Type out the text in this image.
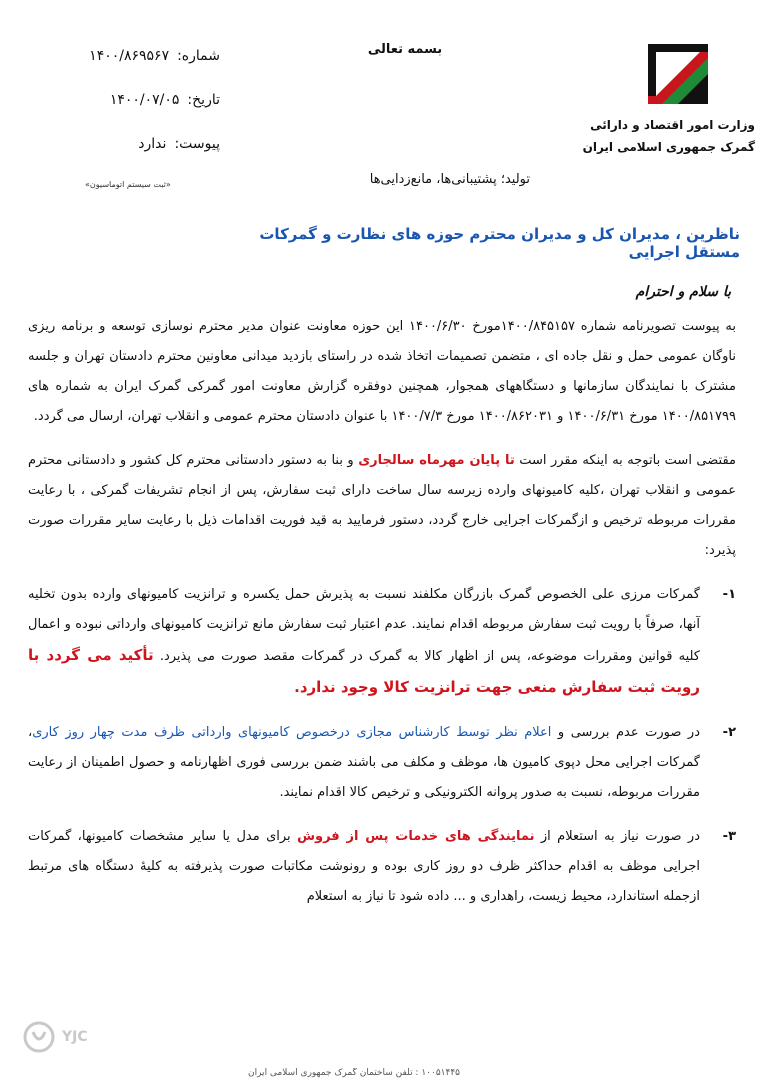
وزارت امور اقتصاد و دارائی
گمرک جمهوری اسلامی ایران
بسمه تعالی
شماره:
۱۴۰۰/۸۶۹۵۶۷
تاریخ:
۱۴۰۰/۰۷/۰۵
پیوست:
ندارد
«ثبت سیستم اتوماسیون»	تولید؛ پشتیبانی‌ها، مانع‌زدایی‌ها
ناظرین ، مدیران کل و مدیران محترم حوزه های نظارت و گمرکات مستقل اجرایی
با سلام و احترام

به پیوست تصویرنامه شماره ۱۴۰۰/۸۴۵۱۵۷مورخ ۱۴۰۰/۶/۳۰ این حوزه معاونت عنوان مدیر محترم نوسازی توسعه و برنامه ریزی ناوگان عمومی حمل و نقل جاده ای ، متضمن تصمیمات اتخاذ شده در راستای بازدید میدانی معاونین محترم دادستان تهران و جلسه مشترک با نمایندگان سازمانها و دستگاههای همجوار، همچنین دوفقره گزارش معاونت امور گمرکی گمرک ایران به شماره های ۱۴۰۰/۸۵۱۷۹۹ مورخ ۱۴۰۰/۶/۳۱ و ۱۴۰۰/۸۶۲۰۳۱ مورخ ۱۴۰۰/۷/۳ با عنوان دادستان محترم عمومی و انقلاب تهران، ارسال می گردد.

مقتضی است باتوجه به اینکه مقرر است تا پایان مهرماه سالجاری و بنا به دستور دادستانی محترم کل کشور و دادستانی محترم عمومی و انقلاب تهران ،کلیه کامیونهای وارده زیرسه سال ساخت دارای ثبت سفارش، پس از انجام تشریفات گمرکی ، با رعایت مقررات مربوطه ترخیص و ازگمرکات اجرایی خارج گردد، دستور فرمایید به قید فوریت اقدامات ذیل با رعایت سایر مقررات صورت پذیرد:

۱-
گمرکات مرزی علی الخصوص گمرک بازرگان مکلفند نسبت به پذیرش حمل یکسره و ترانزیت کامیونهای وارده بدون تخلیه آنها، صرفاً با رویت ثبت سفارش مربوطه اقدام نمایند. عدم اعتبار ثبت سفارش مانع ترانزیت کامیونهای وارداتی نبوده و اعمال کلیه قوانین ومقررات موضوعه، پس از اظهار کالا به گمرک در گمرکات مقصد صورت می پذیرد. تأکید می گردد با رویت ثبت سفارش منعی جهت ترانزیت کالا وجود ندارد.
۲-
در صورت عدم بررسی و اعلام نظر توسط کارشناس مجازی درخصوص کامیونهای وارداتی ظرف مدت چهار روز کاری، گمرکات اجرایی محل دپوی کامیون ها، موظف و مکلف می باشند ضمن بررسی فوری اظهارنامه و حصول اطمینان از رعایت مقررات مربوطه، نسبت به صدور پروانه الکترونیکی و ترخیص کالا اقدام نمایند.
۳-
در صورت نیاز به استعلام از نمایندگی های خدمات پس از فروش برای مدل یا سایر مشخصات کامیونها، گمرکات اجرایی موظف به اقدام حداکثر ظرف دو روز کاری بوده و رونوشت مکاتبات صورت پذیرفته به کلیهٔ دستگاه های مرتبط ازجمله استاندارد، محیط زیست، راهداری و ... داده شود تا نیاز به استعلام
YJC
۱۰۰۵۱۴۴۵ : تلفن ساختمان گمرک جمهوری اسلامی ایران
